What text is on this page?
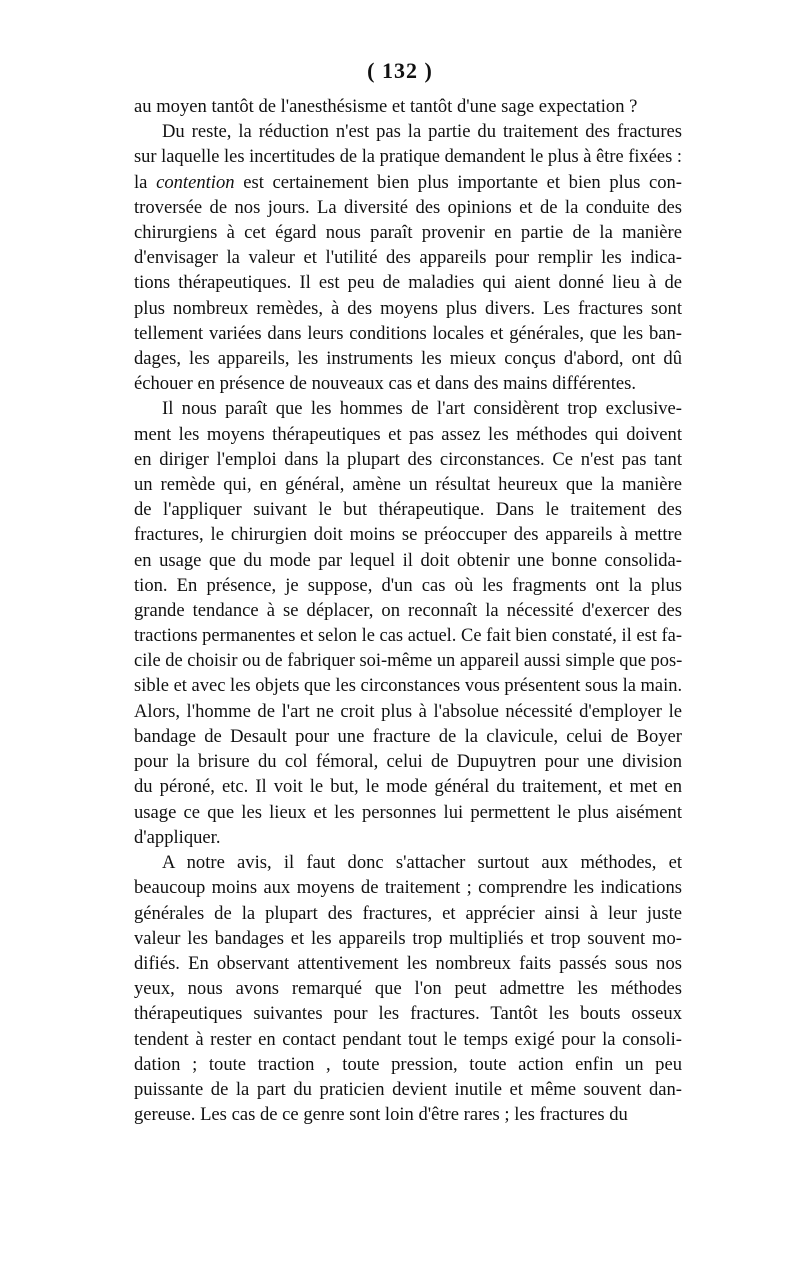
( 132 )

au moyen tantôt de l'anesthésisme et tantôt d'une sage expectation ?

Du reste, la réduction n'est pas la partie du traitement des fractures
sur laquelle les incertitudes de la pratique demandent le plus à être fixées :
la contention est certainement bien plus importante et bien plus con-
troversée de nos jours. La diversité des opinions et de la conduite des
chirurgiens à cet égard nous paraît provenir en partie de la manière
d'envisager la valeur et l'utilité des appareils pour remplir les indica-
tions thérapeutiques. Il est peu de maladies qui aient donné lieu à de
plus nombreux remèdes, à des moyens plus divers. Les fractures sont
tellement variées dans leurs conditions locales et générales, que les ban-
dages, les appareils, les instruments les mieux conçus d'abord, ont dû
échouer en présence de nouveaux cas et dans des mains différentes.

Il nous paraît que les hommes de l'art considèrent trop exclusive-
ment les moyens thérapeutiques et pas assez les méthodes qui doivent
en diriger l'emploi dans la plupart des circonstances. Ce n'est pas tant
un remède qui, en général, amène un résultat heureux que la manière
de l'appliquer suivant le but thérapeutique. Dans le traitement des
fractures, le chirurgien doit moins se préoccuper des appareils à mettre
en usage que du mode par lequel il doit obtenir une bonne consolida-
tion. En présence, je suppose, d'un cas où les fragments ont la plus
grande tendance à se déplacer, on reconnaît la nécessité d'exercer des
tractions permanentes et selon le cas actuel. Ce fait bien constaté, il est fa-
cile de choisir ou de fabriquer soi-même un appareil aussi simple que pos-
sible et avec les objets que les circonstances vous présentent sous la main.
Alors, l'homme de l'art ne croit plus à l'absolue nécessité d'employer le
bandage de Desault pour une fracture de la clavicule, celui de Boyer
pour la brisure du col fémoral, celui de Dupuytren pour une division
du péroné, etc. Il voit le but, le mode général du traitement, et met en
usage ce que les lieux et les personnes lui permettent le plus aisément
d'appliquer.

A notre avis, il faut donc s'attacher surtout aux méthodes, et
beaucoup moins aux moyens de traitement ; comprendre les indications
générales de la plupart des fractures, et apprécier ainsi à leur juste
valeur les bandages et les appareils trop multipliés et trop souvent mo-
difiés. En observant attentivement les nombreux faits passés sous nos
yeux, nous avons remarqué que l'on peut admettre les méthodes
thérapeutiques suivantes pour les fractures. Tantôt les bouts osseux
tendent à rester en contact pendant tout le temps exigé pour la consoli-
dation ; toute traction , toute pression, toute action enfin un peu
puissante de la part du praticien devient inutile et même souvent dan-
gereuse. Les cas de ce genre sont loin d'être rares ; les fractures du
